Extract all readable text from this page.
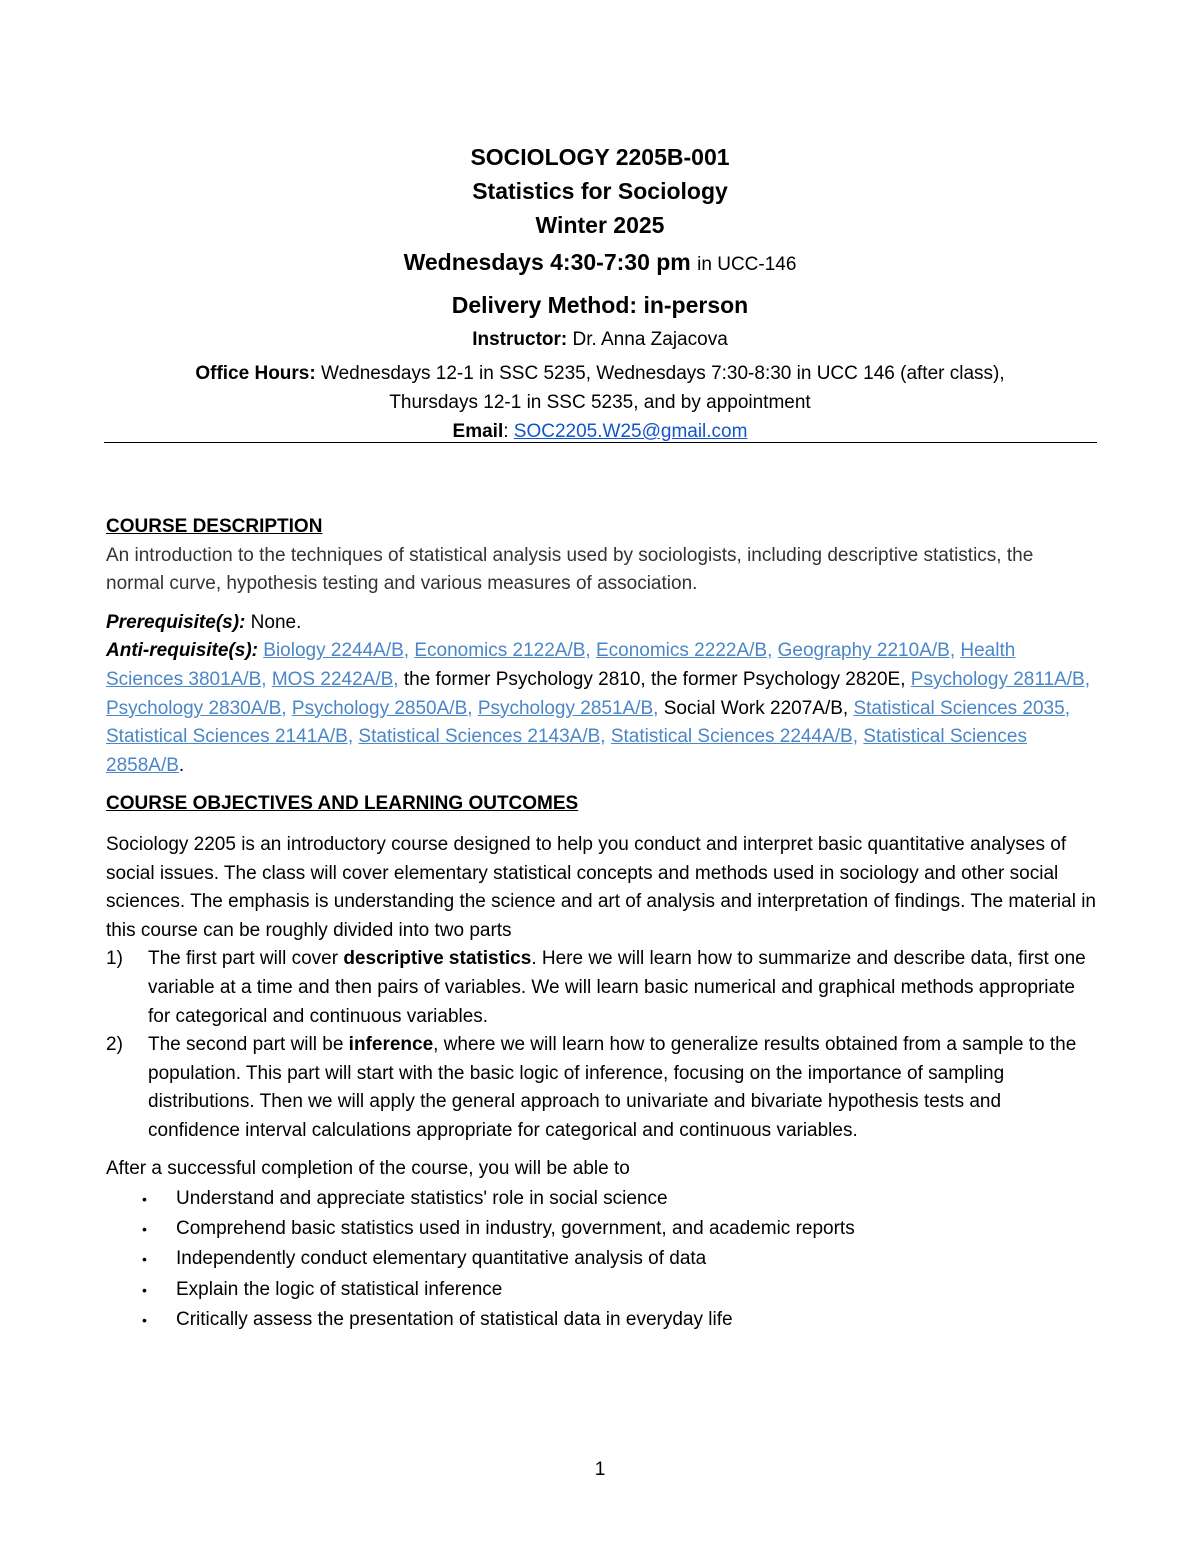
SOCIOLOGY 2205B-001
Statistics for Sociology
Winter 2025
Wednesdays 4:30-7:30 pm in UCC-146
Delivery Method: in-person
Instructor: Dr. Anna Zajacova
Office Hours: Wednesdays 12-1 in SSC 5235, Wednesdays 7:30-8:30 in UCC 146 (after class),
Thursdays 12-1 in SSC 5235, and by appointment
Email: SOC2205.W25@gmail.com
COURSE DESCRIPTION

An introduction to the techniques of statistical analysis used by sociologists, including descriptive statistics, the normal curve, hypothesis testing and various measures of association.

Prerequisite(s): None.
Anti-requisite(s): Biology 2244A/B, Economics 2122A/B, Economics 2222A/B, Geography 2210A/B, Health Sciences 3801A/B, MOS 2242A/B, the former Psychology 2810, the former Psychology 2820E, Psychology 2811A/B, Psychology 2830A/B, Psychology 2850A/B, Psychology 2851A/B, Social Work 2207A/B, Statistical Sciences 2035, Statistical Sciences 2141A/B, Statistical Sciences 2143A/B, Statistical Sciences 2244A/B, Statistical Sciences 2858A/B.
COURSE OBJECTIVES AND LEARNING OUTCOMES
Sociology 2205 is an introductory course designed to help you conduct and interpret basic quantitative analyses of social issues. The class will cover elementary statistical concepts and methods used in sociology and other social sciences. The emphasis is understanding the science and art of analysis and interpretation of findings. The material in this course can be roughly divided into two parts
1) The first part will cover descriptive statistics. Here we will learn how to summarize and describe data, first one variable at a time and then pairs of variables. We will learn basic numerical and graphical methods appropriate for categorical and continuous variables.
2) The second part will be inference, where we will learn how to generalize results obtained from a sample to the population. This part will start with the basic logic of inference, focusing on the importance of sampling distributions. Then we will apply the general approach to univariate and bivariate hypothesis tests and confidence interval calculations appropriate for categorical and continuous variables.
After a successful completion of the course, you will be able to
• Understand and appreciate statistics' role in social science
• Comprehend basic statistics used in industry, government, and academic reports
• Independently conduct elementary quantitative analysis of data
• Explain the logic of statistical inference
• Critically assess the presentation of statistical data in everyday life
1
